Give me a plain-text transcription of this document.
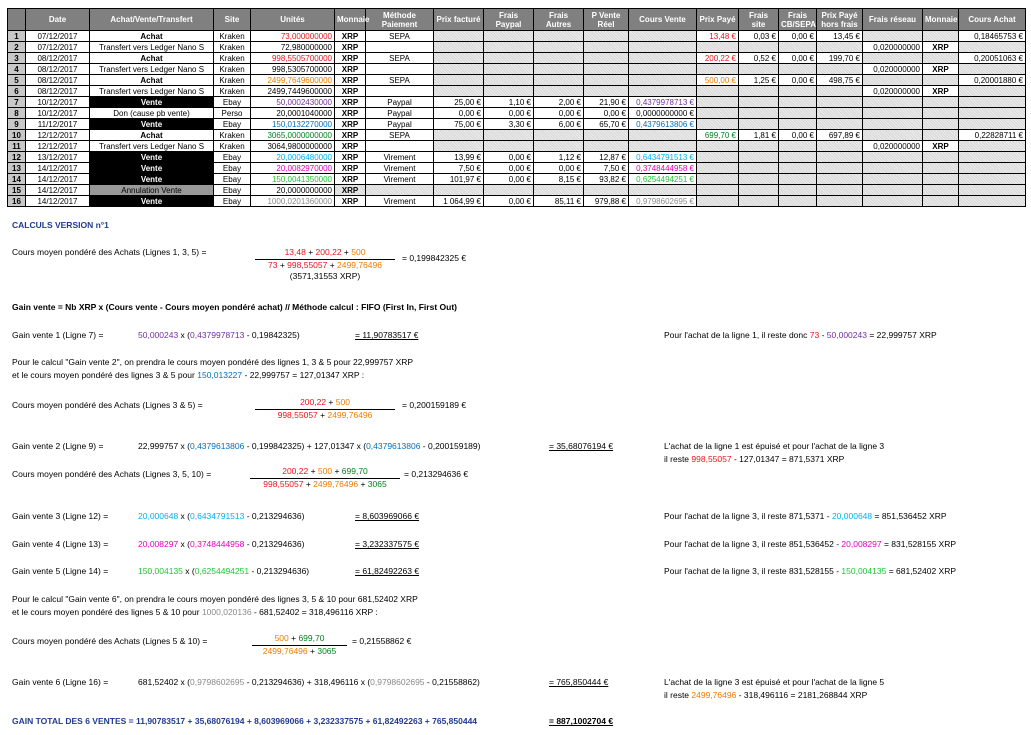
	Date	Achat/Vente/Transfert	Site	Unités	Monnaie	Méthode Paiement	Prix facturé	Frais Paypal	Frais Autres	P Vente Réel	Cours Vente	Prix Payé	Frais site	Frais CB/SEPA	Prix Payé hors frais	Frais réseau	Monnaie	Cours Achat
1	07/12/2017	Achat	Kraken	73,000000000	XRP	SEPA						13,48 €	0,03 €	0,00 €	13,45 €			0,18465753 €
2	07/12/2017	Transfert vers Ledger Nano S	Kraken	72,980000000	XRP											0,020000000	XRP	
3	08/12/2017	Achat	Kraken	998,5505700000	XRP	SEPA						200,22 €	0,52 €	0,00 €	199,70 €			0,20051063 €
4	08/12/2017	Transfert vers Ledger Nano S	Kraken	998,5305700000	XRP											0,020000000	XRP	
5	08/12/2017	Achat	Kraken	2499,7649600000	XRP	SEPA						500,00 €	1,25 €	0,00 €	498,75 €			0,20001880 €
6	08/12/2017	Transfert vers Ledger Nano S	Kraken	2499,7449600000	XRP											0,020000000	XRP	
7	10/12/2017	Vente	Ebay	50,0002430000	XRP	Paypal	25,00 €	1,10 €	2,00 €	21,90 €	0,4379978713 €							
8	10/12/2017	Don (cause pb vente)	Perso	20,0001040000	XRP	Paypal	0,00 €	0,00 €	0,00 €	0,00 €	0,0000000000 €							
9	11/12/2017	Vente	Ebay	150,0132270000	XRP	Paypal	75,00 €	3,30 €	6,00 €	65,70 €	0,4379613806 €							
10	12/12/2017	Achat	Kraken	3065,0000000000	XRP	SEPA						699,70 €	1,81 €	0,00 €	697,89 €			0,22828711 €
11	12/12/2017	Transfert vers Ledger Nano S	Kraken	3064,9800000000	XRP											0,020000000	XRP	
12	13/12/2017	Vente	Ebay	20,0006480000	XRP	Virement	13,99 €	0,00 €	1,12 €	12,87 €	0,6434791513 €							
13	14/12/2017	Vente	Ebay	20,0082970000	XRP	Virement	7,50 €	0,00 €	0,00 €	7,50 €	0,3748444958 €							
14	14/12/2017	Vente	Ebay	150,0041350000	XRP	Virement	101,97 €	0,00 €	8,15 €	93,82 €	0,6254494251 €							
15	14/12/2017	Annulation Vente	Ebay	20,0000000000	XRP													
16	14/12/2017	Vente	Ebay	1000,0201360000	XRP	Virement	1 064,99 €	0,00 €	85,11 €	979,88 €	0,9798602695 €							
CALCULS VERSION n°1
Cours moyen pondéré des Achats (Lignes 1, 3, 5) =	13,48 + 200,22 + 500
73 + 998,55057 + 2499,76496
(3571,31553 XRP)
= 0,199842325 €
Gain vente = Nb XRP x (Cours vente - Cours moyen pondéré achat) // Méthode calcul : FIFO (First In, First Out)
Gain vente 1 (Ligne 7) =	50,000243 x (0,4379978713 - 0,19842325)	= 11,90783517 €	Pour l'achat de la ligne 1, il reste donc 73 - 50,000243 = 22,999757 XRP
Pour le calcul "Gain vente 2", on prendra le cours moyen pondéré des lignes 1, 3 & 5 pour 22,999757 XRP
et le cours moyen pondéré des lignes 3 & 5 pour 150,013227 - 22,999757 = 127,01347 XRP :
Cours moyen pondéré des Achats (Lignes 3 & 5) =	$\frac{200,22 + 500}{998,55057 + 2499,76496} = 0,200159189$ €
Gain vente 2 (Ligne 9) =	22,999757 x (0,4379613806 - 0,199842325) + 127,01347 x (0,4379613806 - 0,200159189)	= 35,68076194 €	L'achat de la ligne 1 est épuisé et pour l'achat de la ligne 3
il reste 998,55057 - 127,01347 = 871,5371 XRP
Cours moyen pondéré des Achats (Lignes 3, 5, 10) =	$\frac{200,22 + 500 + 699,70}{998,55057 + 2499,76496 + 3065} = 0,213294636$ €
Gain vente 3 (Ligne 12) =	20,000648 x (0,6434791513 - 0,213294636)	= 8,603969066 €	Pour l'achat de la ligne 3, il reste 871,5371 - 20,000648 = 851,536452 XRP
Gain vente 4 (Ligne 13) =	20,008297 x (0,3748444958 - 0,213294636)	= 3,232337575 €	Pour l'achat de la ligne 3, il reste 851,536452 - 20,008297 = 831,528155 XRP
Gain vente 5 (Ligne 14) =	150,004135 x (0,6254494251 - 0,213294636)	= 61,82492263 €	Pour l'achat de la ligne 3, il reste 831,528155 - 150,004135 = 681,52402 XRP
Pour le calcul "Gain vente 6", on prendra le cours moyen pondéré des lignes 3, 5 & 10 pour 681,52402 XRP
et le cours moyen pondéré des lignes 5 & 10 pour 1000,020136 - 681,52402 = 318,496116 XRP :
Cours moyen pondéré des Achats (Lignes 5 & 10) =	$\frac{500 + 699,70}{2499,76496 + 3065} = 0,21558862$ €
Gain vente 6 (Ligne 16) =	681,52402 x (0,9798602695 - 0,213294636) + 318,496116 x (0,9798602695 - 0,21558862)	= 765,850444 €	L'achat de la ligne 3 est épuisé et pour l'achat de la ligne 5
il reste 2499,76496 - 318,496116 = 2181,268844 XRP
GAIN TOTAL DES 6 VENTES = 11,90783517 + 35,68076194 + 8,603969066 + 3,232337575 + 61,82492263 + 765,850444	= 887,1002704 €
